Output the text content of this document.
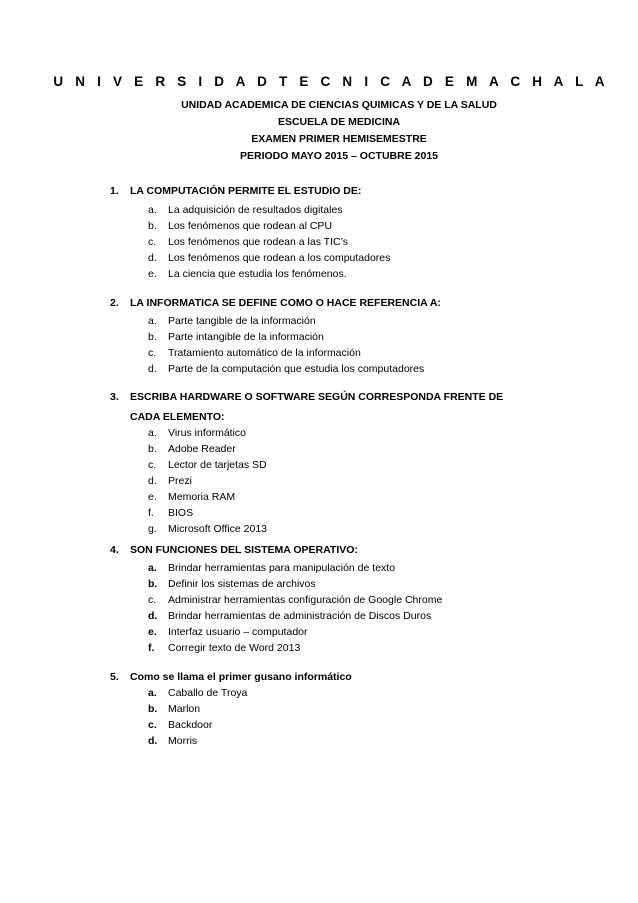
U N I V E R S I D A D T E C N I C A D E M A C H A L A
UNIDAD ACADEMICA DE CIENCIAS QUIMICAS Y DE LA SALUD
ESCUELA DE MEDICINA
EXAMEN PRIMER HEMISEMESTRE
PERIODO MAYO 2015 – OCTUBRE 2015
1. LA COMPUTACIÓN PERMITE EL ESTUDIO DE:
a. La adquisición de resultados digitales
b. Los fenómenos que rodean al CPU
c. Los fenómenos que rodean a las TIC’s
d. Los fenómenos que rodean a los computadores
e. La ciencia que estudia los fenómenos.
2. LA INFORMATICA SE DEFINE COMO O HACE REFERENCIA A:
a. Parte tangible de la información
b. Parte intangible de la información
c. Tratamiento automático de la información
d. Parte de la computación que estudia los computadores
3. ESCRIBA HARDWARE O SOFTWARE SEGÚN CORRESPONDA FRENTE DE CADA ELEMENTO:
a. Virus informático
b. Adobe Reader
c. Lector de tarjetas SD
d. Prezi
e. Memoria RAM
f. BIOS
g. Microsoft Office 2013
4. SON FUNCIONES DEL SISTEMA OPERATIVO:
a. Brindar herramientas para manipulación de texto
b. Definir los sistemas de archivos
c. Administrar herramientas configuración de Google Chrome
d. Brindar herramientas de administración de Discos Duros
e. Interfaz usuario – computador
f. Corregir texto de Word 2013
5. Como se llama el primer gusano informático
a. Caballo de Troya
b. Marlon
c. Backdoor
d. Morris
